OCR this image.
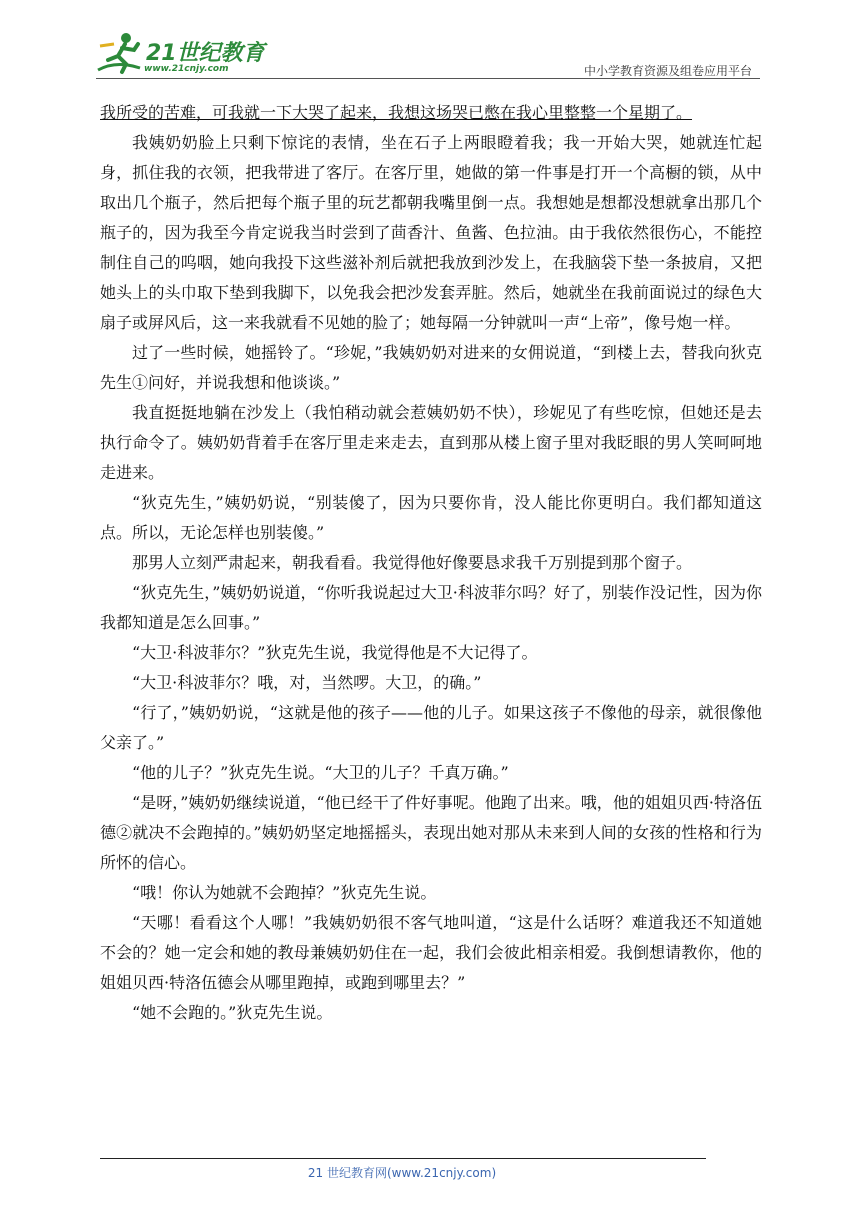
21世纪教育
www.21cnjy.com	中小学教育资源及组卷应用平台

我所受的苦难，可我就一下大哭了起来，我想这场哭已憋在我心里整整一个星期了。

我姨奶奶脸上只剩下惊诧的表情，坐在石子上两眼瞪着我；我一开始大哭，她就连忙起身，抓住我的衣领，把我带进了客厅。在客厅里，她做的第一件事是打开一个高橱的锁，从中取出几个瓶子，然后把每个瓶子里的玩艺都朝我嘴里倒一点。我想她是想都没想就拿出那几个瓶子的，因为我至今肯定说我当时尝到了茴香汁、鱼酱、色拉油。由于我依然很伤心，不能控制住自己的呜咽，她向我投下这些滋补剂后就把我放到沙发上，在我脑袋下垫一条披肩，又把她头上的头巾取下垫到我脚下，以免我会把沙发套弄脏。然后，她就坐在我前面说过的绿色大扇子或屏风后，这一来我就看不见她的脸了；她每隔一分钟就叫一声“上帝”，像号炮一样。

过了一些时候，她摇铃了。“珍妮，”我姨奶奶对进来的女佣说道，“到楼上去，替我向狄克先生①问好，并说我想和他谈谈。”

我直挺挺地躺在沙发上（我怕稍动就会惹姨奶奶不快），珍妮见了有些吃惊，但她还是去执行命令了。姨奶奶背着手在客厅里走来走去，直到那从楼上窗子里对我眨眼的男人笑呵呵地走进来。

“狄克先生，”姨奶奶说，“别装傻了，因为只要你肯，没人能比你更明白。我们都知道这点。所以，无论怎样也别装傻。”

那男人立刻严肃起来，朝我看看。我觉得他好像要恳求我千万别提到那个窗子。

“狄克先生，”姨奶奶说道，“你听我说起过大卫·科波菲尔吗？好了，别装作没记性，因为你我都知道是怎么回事。”

“大卫·科波菲尔？”狄克先生说，我觉得他是不大记得了。

“大卫·科波菲尔？哦，对，当然啰。大卫，的确。”

“行了，”姨奶奶说，“这就是他的孩子——他的儿子。如果这孩子不像他的母亲，就很像他父亲了。”

“他的儿子？”狄克先生说。“大卫的儿子？千真万确。”

“是呀，”姨奶奶继续说道，“他已经干了件好事呢。他跑了出来。哦，他的姐姐贝西·特洛伍德②就决不会跑掉的。”姨奶奶坚定地摇摇头，表现出她对那从未来到人间的女孩的性格和行为所怀的信心。

“哦！你认为她就不会跑掉？”狄克先生说。

“天哪！看看这个人哪！”我姨奶奶很不客气地叫道，“这是什么话呀？难道我还不知道她不会的？她一定会和她的教母兼姨奶奶住在一起，我们会彼此相亲相爱。我倒想请教你，他的姐姐贝西·特洛伍德会从哪里跑掉，或跑到哪里去？”

“她不会跑的。”狄克先生说。

21 世纪教育网(www.21cnjy.com)
